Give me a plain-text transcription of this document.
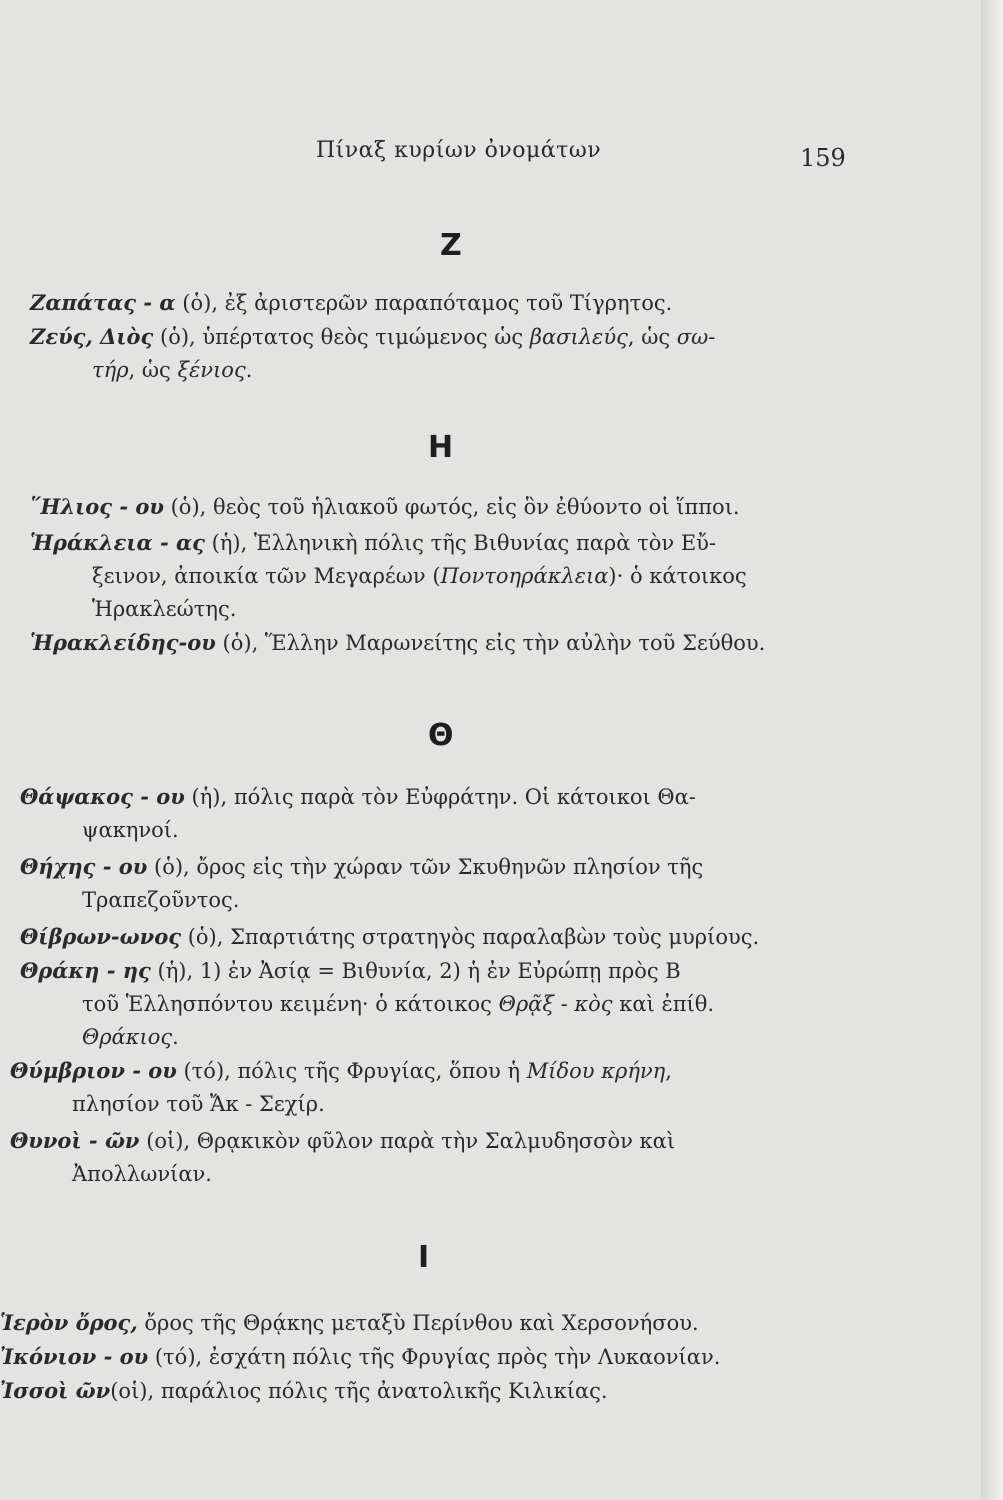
Πίναξ κυρίων ὀνομάτων	159
Ζ
Ζαπάτας - α (ὁ), ἐξ ἀριστερῶν παραπόταμος τοῦ Τίγρητος.
Ζεύς, Διὸς (ὁ), ὑπέρτατος θεὸς τιμώμενος ὡς βασιλεύς, ὡς σω-
τήρ, ὡς ξένιος.
Η
῞Ηλιος - ου (ὁ), θεὸς τοῦ ἡλιακοῦ φωτός, εἰς ὃν ἐθύοντο οἱ ἵπποι.
Ἡράκλεια - ας (ἡ), Ἑλληνικὴ πόλις τῆς Βιθυνίας παρὰ τὸν Εὔ-
ξεινον, ἀποικία τῶν Μεγαρέων (Ποντοηράκλεια)· ὁ κάτοικος
Ἡρακλεώτης.
Ἡρακλείδης-ου (ὁ), Ἕλλην Μαρωνείτης εἰς τὴν αὐλὴν τοῦ Σεύθου.
Θ
Θάψακος - ου (ἡ), πόλις παρὰ τὸν Εὐφράτην. Οἱ κάτοικοι Θα-
ψακηνοί.
Θήχης - ου (ὁ), ὄρος εἰς τὴν χώραν τῶν Σκυθηνῶν πλησίον τῆς
Τραπεζοῦντος.
Θίβρων-ωνος (ὁ), Σπαρτιάτης στρατηγὸς παραλαβὼν τοὺς μυρίους.
Θράκη - ης (ἡ), 1) ἐν Ἀσίᾳ = Βιθυνία, 2) ἡ ἐν Εὐρώπῃ πρὸς Β
τοῦ Ἑλλησπόντου κειμένη· ὁ κάτοικος Θρᾷξ - κὸς καὶ ἐπίθ.
Θράκιος.
Θύμβριον - ου (τό), πόλις τῆς Φρυγίας, ὅπου ἡ Μίδου κρήνη,
πλησίον τοῦ Ἄκ - Σεχίρ.
Θυνοὶ - ῶν (οἱ), Θρᾳκικὸν φῦλον παρὰ τὴν Σαλμυδησσὸν καὶ
Ἀπολλωνίαν.
Ι
Ἱερὸν ὄρος, ὄρος τῆς Θρᾴκης μεταξὺ Περίνθου καὶ Χερσονήσου.
Ἰκόνιον - ου (τό), ἐσχάτη πόλις τῆς Φρυγίας πρὸς τὴν Λυκαονίαν.
Ἰσσοὶ ῶν(οἱ), παράλιος πόλις τῆς ἀνατολικῆς Κιλικίας.
